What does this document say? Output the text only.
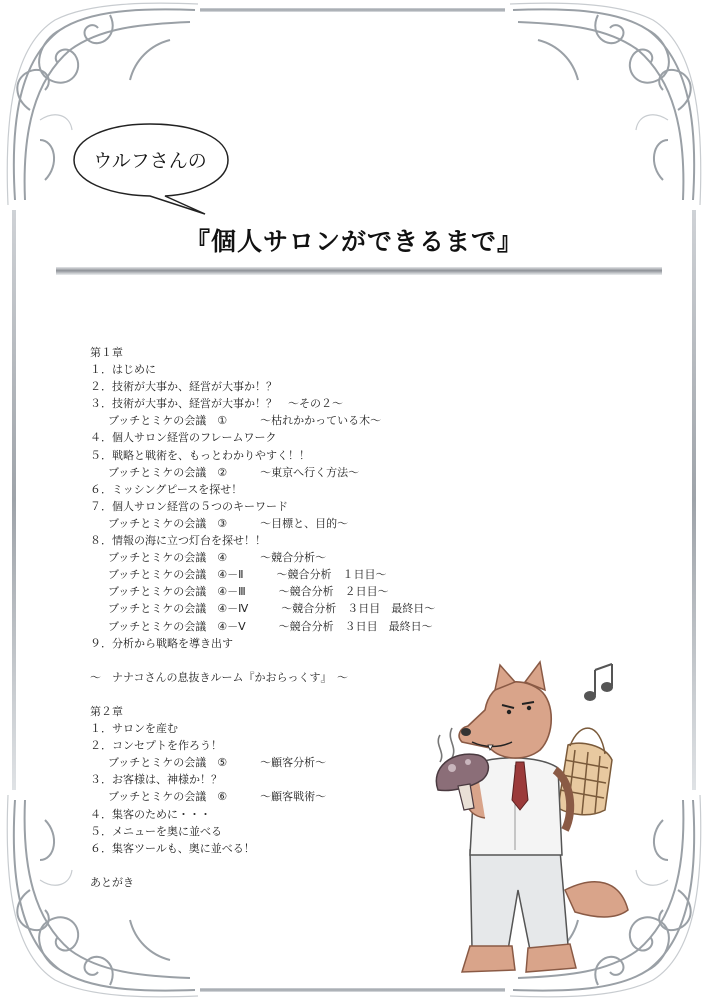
ウルフさんの
『個人サロンができるまで』
第１章
１．はじめに
２．技術が大事か、経営が大事か！？
３．技術が大事か、経営が大事か！？　～その２～
ブッチとミケの会議　①　　　～枯れかかっている木～
４．個人サロン経営のフレームワーク
５．戦略と戦術を、もっとわかりやすく！！
ブッチとミケの会議　②　　　～東京へ行く方法～
６．ミッシングピースを探せ！
７．個人サロン経営の５つのキーワード
ブッチとミケの会議　③　　　～目標と、目的～
８．情報の海に立つ灯台を探せ！！
ブッチとミケの会議　④　　　～競合分析～
ブッチとミケの会議　④－Ⅱ　　　～競合分析　１日目～
ブッチとミケの会議　④－Ⅲ　　　～競合分析　２日目～
ブッチとミケの会議　④－Ⅳ　　　～競合分析　３日目　最終日～
ブッチとミケの会議　④－Ⅴ　　　～競合分析　３日目　最終日～
９．分析から戦略を導き出す
～　ナナコさんの息抜きルーム『かおらっくす』　～
第２章
１．サロンを産む
２．コンセプトを作ろう！
ブッチとミケの会議　⑤　　　～顧客分析～
３．お客様は、神様か！？
ブッチとミケの会議　⑥　　　～顧客戦術～
４．集客のために・・・
５．メニューを奥に並べる
６．集客ツールも、奥に並べる！
あとがき
